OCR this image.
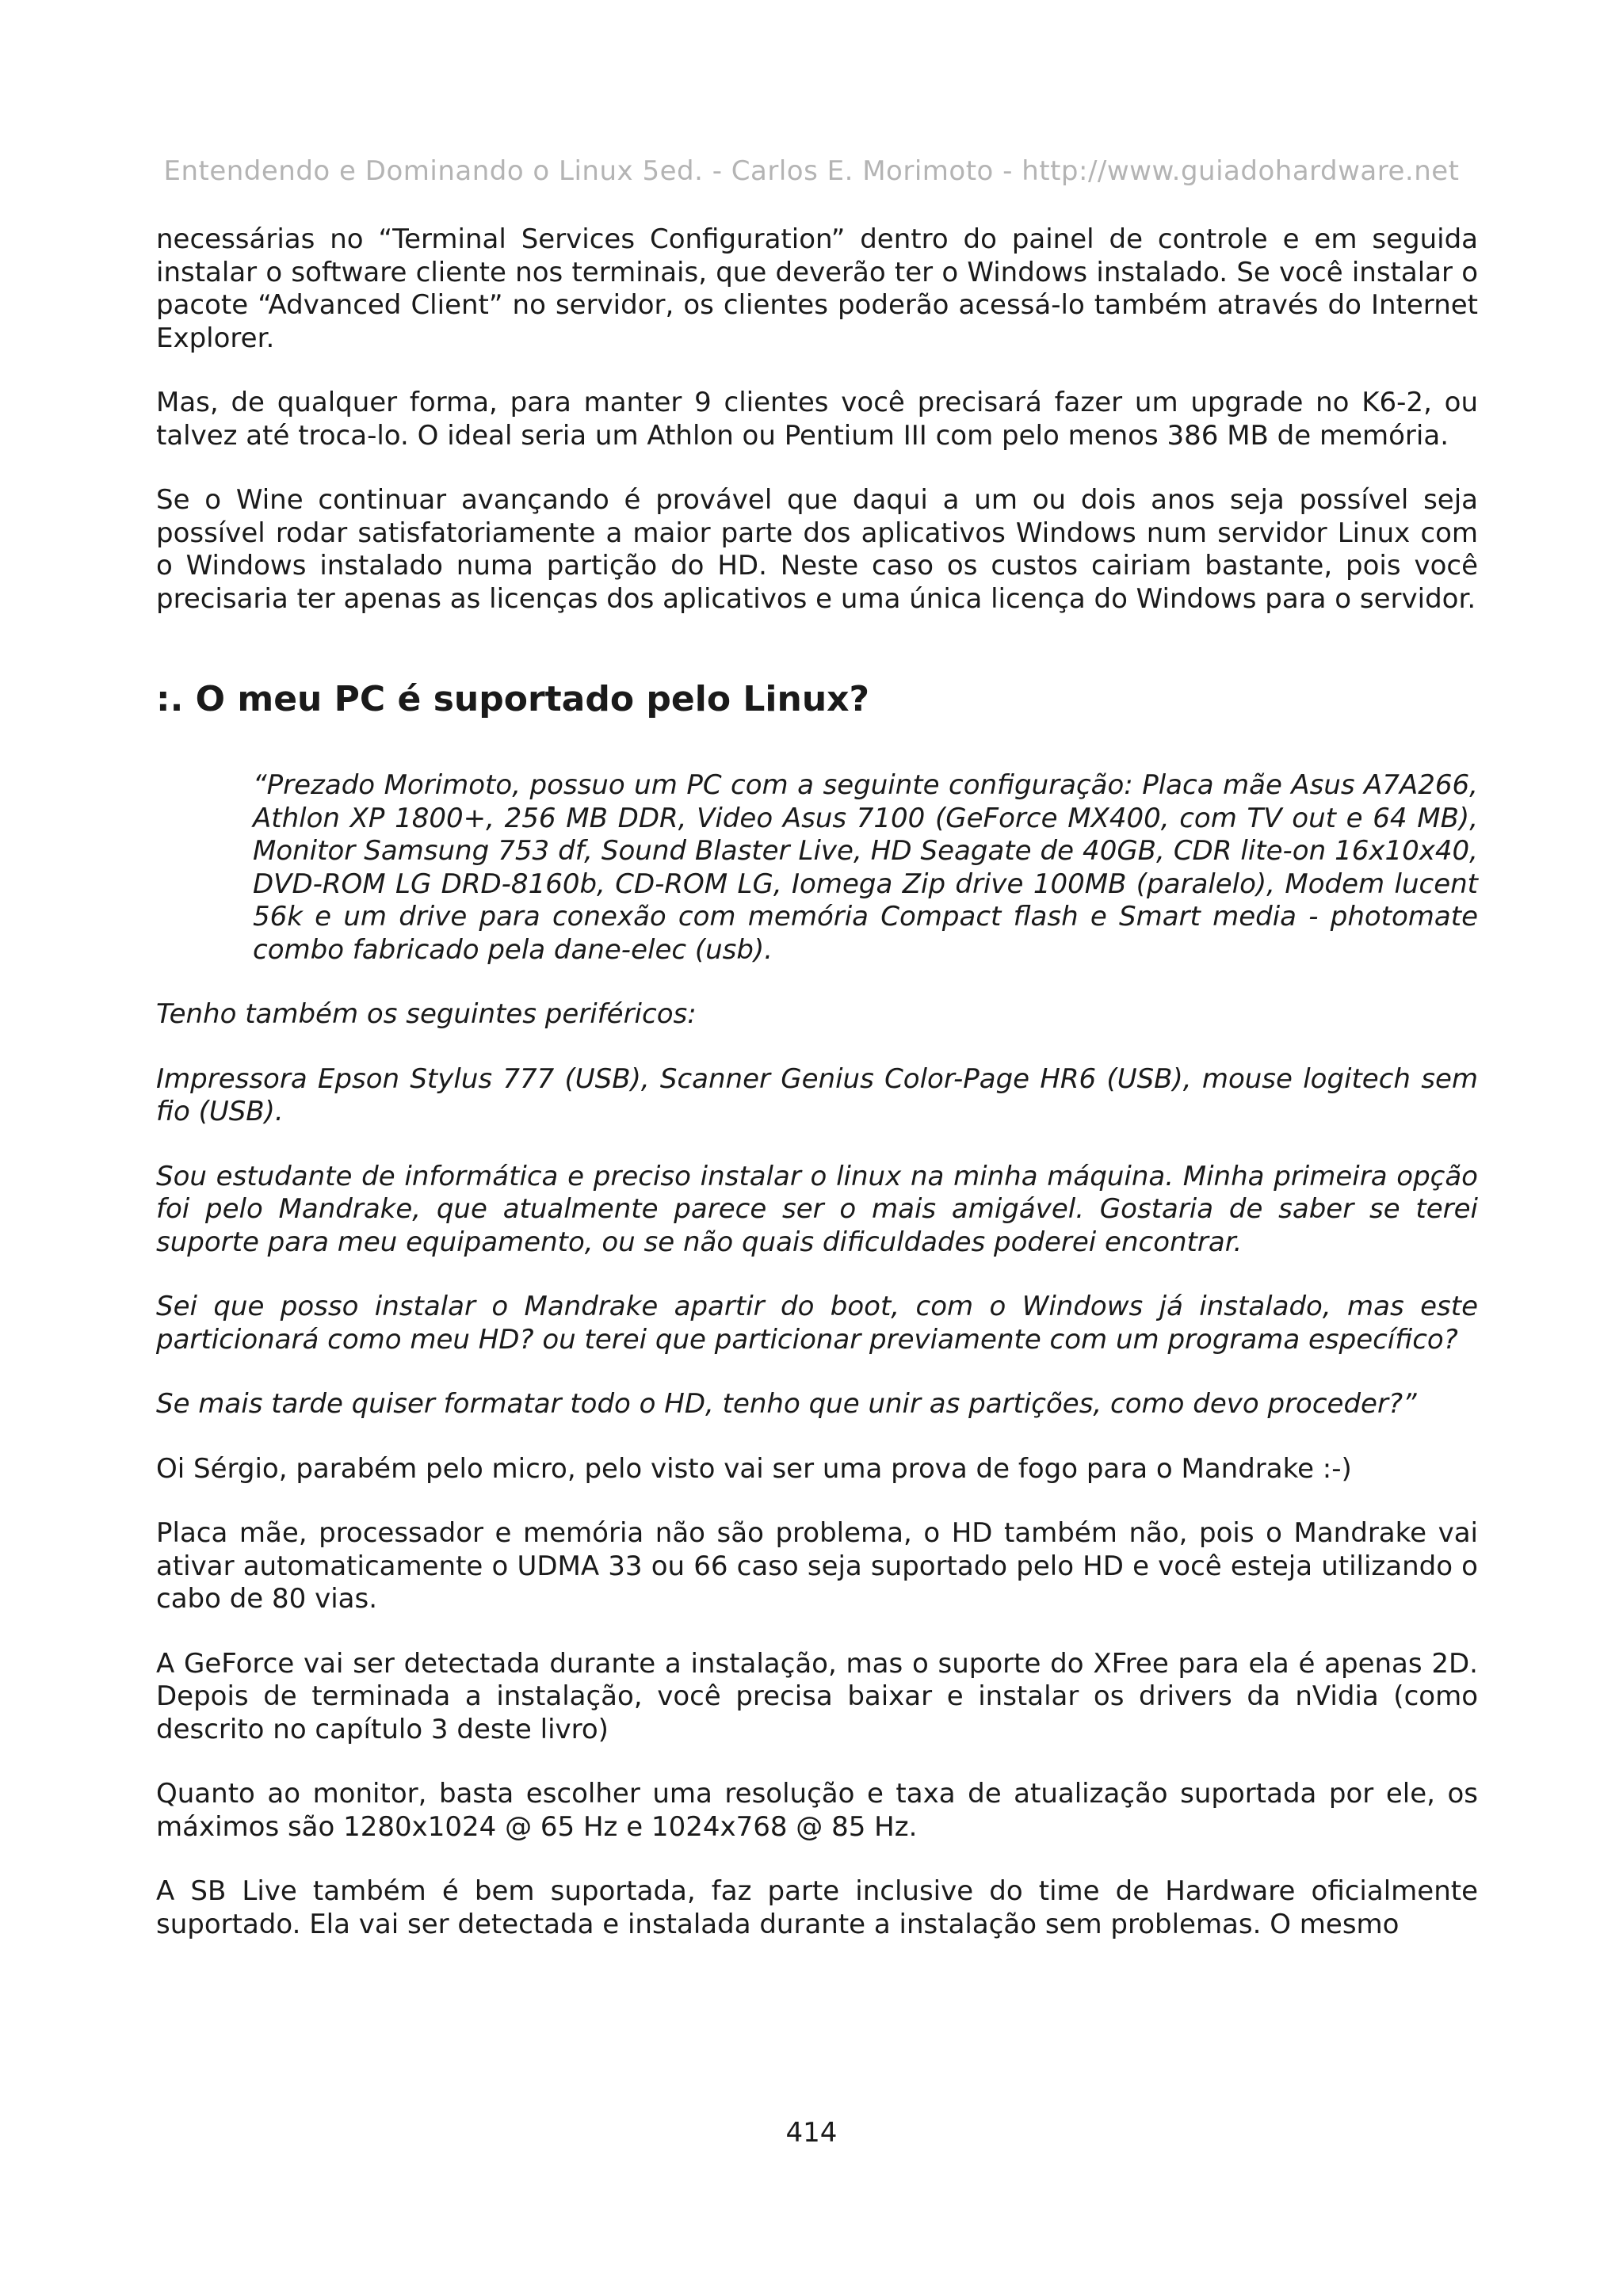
Entendendo e Dominando o Linux 5ed. - Carlos E. Morimoto - http://www.guiadohardware.net

necessárias no “Terminal Services Configuration” dentro do painel de controle e em seguida instalar o software cliente nos terminais, que deverão ter o Windows instalado. Se você instalar o pacote “Advanced Client” no servidor, os clientes poderão acessá-lo também através do Internet Explorer.

Mas, de qualquer forma, para manter 9 clientes você precisará fazer um upgrade no K6-2, ou talvez até troca-lo. O ideal seria um Athlon ou Pentium III com pelo menos 386 MB de memória.

Se o Wine continuar avançando é provável que daqui a um ou dois anos seja possível seja possível rodar satisfatoriamente a maior parte dos aplicativos Windows num servidor Linux com o Windows instalado numa partição do HD. Neste caso os custos cairiam bastante, pois você precisaria ter apenas as licenças dos aplicativos e uma única licença do Windows para o servidor.

:. O meu PC é suportado pelo Linux?

“Prezado Morimoto, possuo um PC com a seguinte configuração: Placa mãe Asus A7A266, Athlon XP 1800+, 256 MB DDR, Video Asus 7100 (GeForce MX400, com TV out e 64 MB), Monitor Samsung 753 df, Sound Blaster Live, HD Seagate de 40GB, CDR lite-on 16x10x40, DVD-ROM LG DRD-8160b, CD-ROM LG, Iomega Zip drive 100MB (paralelo), Modem lucent 56k e um drive para conexão com memória Compact flash e Smart media - photomate combo fabricado pela dane-elec (usb).

Tenho também os seguintes periféricos:

Impressora Epson Stylus 777 (USB), Scanner Genius Color-Page HR6 (USB), mouse logitech sem fio (USB).

Sou estudante de informática e preciso instalar o linux na minha máquina. Minha primeira opção foi pelo Mandrake, que atualmente parece ser o mais amigável. Gostaria de saber se terei suporte para meu equipamento, ou se não quais dificuldades poderei encontrar.

Sei que posso instalar o Mandrake apartir do boot, com o Windows já instalado, mas este particionará como meu HD? ou terei que particionar previamente com um programa específico?

Se mais tarde quiser formatar todo o HD, tenho que unir as partições, como devo proceder?”

Oi Sérgio, parabém pelo micro, pelo visto vai ser uma prova de fogo para o Mandrake :-)

Placa mãe, processador e memória não são problema, o HD também não, pois o Mandrake vai ativar automaticamente o UDMA 33 ou 66 caso seja suportado pelo HD e você esteja utilizando o cabo de 80 vias.

A GeForce vai ser detectada durante a instalação, mas o suporte do XFree para ela é apenas 2D. Depois de terminada a instalação, você precisa baixar e instalar os drivers da nVidia (como descrito no capítulo 3 deste livro)

Quanto ao monitor, basta escolher uma resolução e taxa de atualização suportada por ele, os máximos são 1280x1024 @ 65 Hz e 1024x768 @ 85 Hz.

A SB Live também é bem suportada, faz parte inclusive do time de Hardware oficialmente suportado. Ela vai ser detectada e instalada durante a instalação sem problemas. O mesmo

414
